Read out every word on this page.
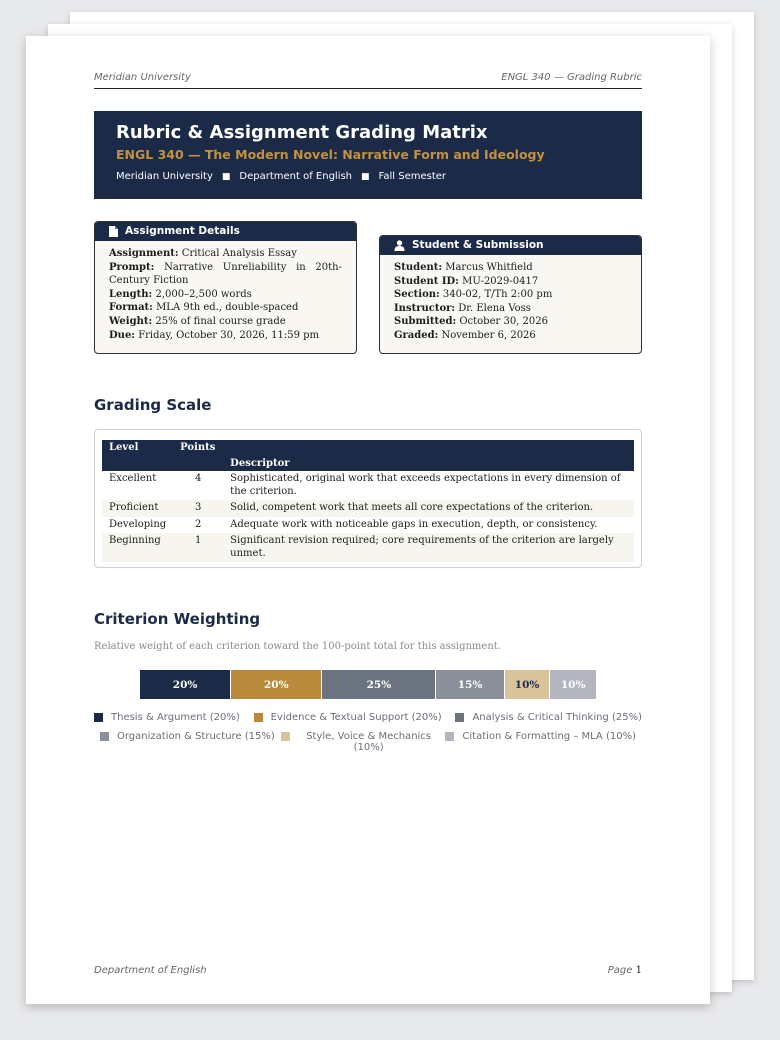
Meridian University	ENGL 340 — Grading Rubric
Rubric & Assignment Grading Matrix
ENGL 340 — The Modern Novel: Narrative Form and Ideology
Meridian University ■ Department of English ■ Fall Semester
Assignment Details
Assignment: Critical Analysis Essay
Prompt: Narrative Unreliability in 20th-Century Fiction
Length: 2,000–2,500 words
Format: MLA 9th ed., double-spaced
Weight: 25% of final course grade
Due: Friday, October 30, 2026, 11:59 pm
Student & Submission
Student: Marcus Whitfield
Student ID: MU-2029-0417
Section: 340-02, T/Th 2:00 pm
Instructor: Dr. Elena Voss
Submitted: October 30, 2026
Graded: November 6, 2026
Grading Scale
Level	Points	Descriptor
Excellent	4	Sophisticated, original work that exceeds expectations in every dimension of the criterion.
Proficient	3	Solid, competent work that meets all core expectations of the criterion.
Developing	2	Adequate work with noticeable gaps in execution, depth, or consistency.
Beginning	1	Significant revision required; core requirements of the criterion are largely unmet.
Criterion Weighting
Relative weight of each criterion toward the 100-point total for this assignment.
20%	20%	25%	15%	10% 10%
Thesis & Argument (20%)	Evidence & Textual Support (20%)	Analysis & Critical Thinking (25%)
Organization & Structure (15%)	Style, Voice & Mechanics (10%)
Citation & Formatting – MLA (10%)
Department of English	Page 1
